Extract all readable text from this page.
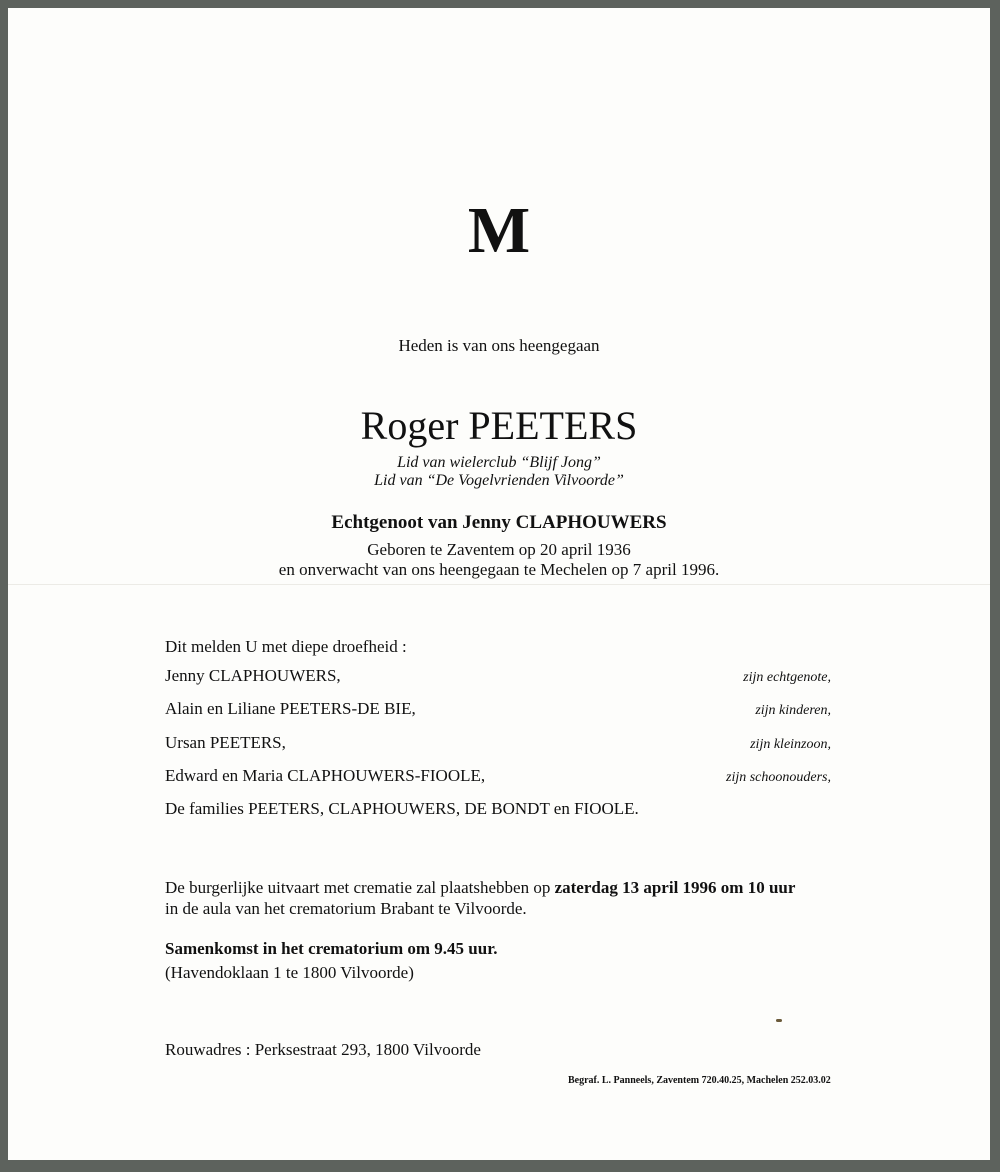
M
Heden is van ons heengegaan
Roger PEETERS
Lid van wielerclub “Blijf Jong”
Lid van “De Vogelvrienden Vilvoorde”
Echtgenoot van Jenny CLAPHOUWERS
Geboren te Zaventem op 20 april 1936
en onverwacht van ons heengegaan te Mechelen op 7 april 1996.
Dit melden U met diepe droefheid :
Jenny CLAPHOUWERS,	zijn echtgenote,
Alain en Liliane PEETERS-DE BIE,	zijn kinderen,
Ursan PEETERS,	zijn kleinzoon,
Edward en Maria CLAPHOUWERS-FIOOLE,	zijn schoonouders,
De families PEETERS, CLAPHOUWERS, DE BONDT en FIOOLE.
De burgerlijke uitvaart met crematie zal plaatshebben op zaterdag 13 april 1996 om 10 uur
in de aula van het crematorium Brabant te Vilvoorde.
Samenkomst in het crematorium om 9.45 uur.
(Havendoklaan 1 te 1800 Vilvoorde)
Rouwadres : Perksestraat 293, 1800 Vilvoorde
Begraf. L. Panneels, Zaventem 720.40.25, Machelen 252.03.02
